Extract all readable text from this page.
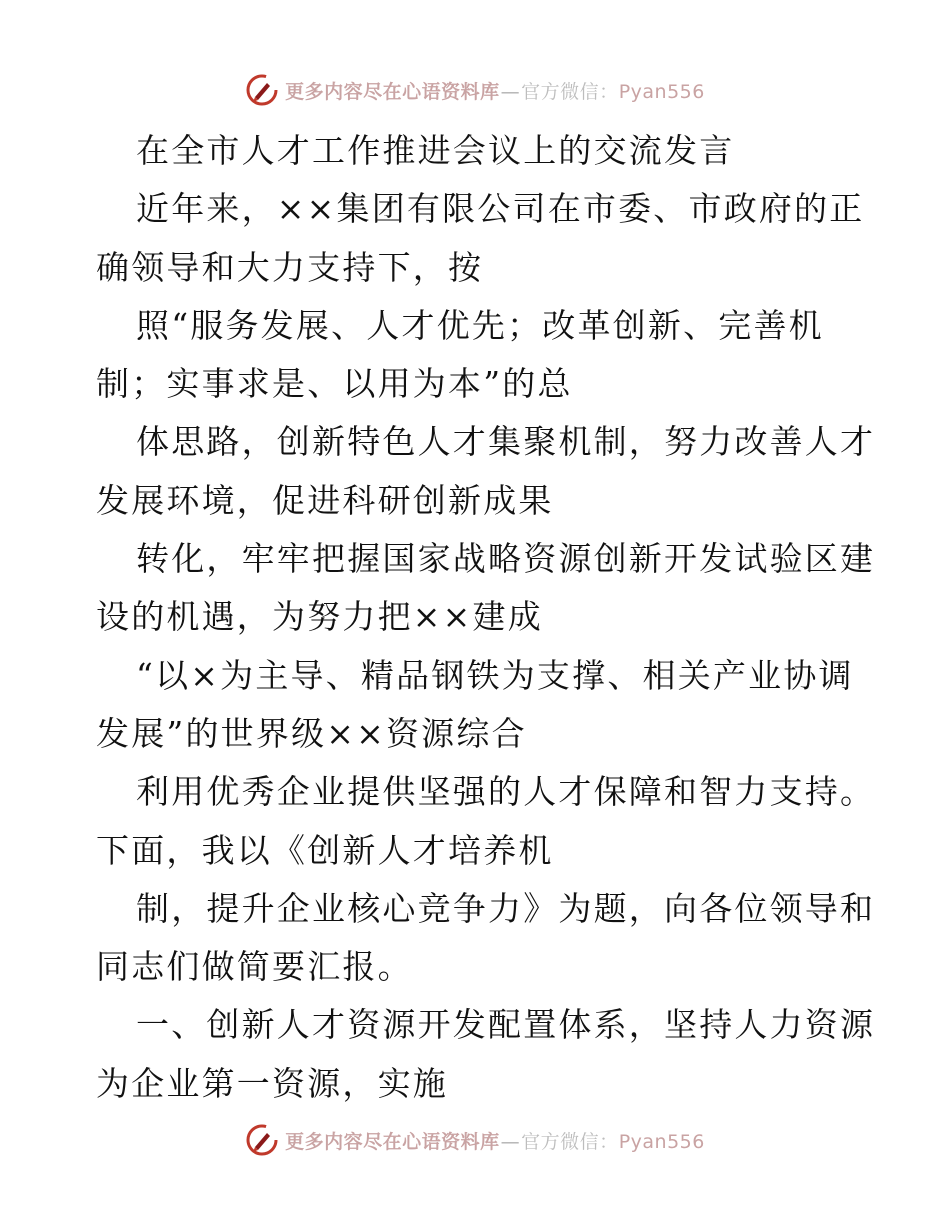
更多内容尽在心语资料库—官方微信：Pyan556
在全市人才工作推进会议上的交流发言
近年来，××集团有限公司在市委、市政府的正
确领导和大力支持下，按
照“服务发展、人才优先；改革创新、完善机
制；实事求是、以用为本”的总
体思路，创新特色人才集聚机制，努力改善人才
发展环境，促进科研创新成果
转化，牢牢把握国家战略资源创新开发试验区建
设的机遇，为努力把××建成
“以×为主导、精品钢铁为支撑、相关产业协调
发展”的世界级××资源综合
利用优秀企业提供坚强的人才保障和智力支持。
下面，我以《创新人才培养机
制，提升企业核心竞争力》为题，向各位领导和
同志们做简要汇报。
一、创新人才资源开发配置体系，坚持人力资源
为企业第一资源，实施
更多内容尽在心语资料库—官方微信：Pyan556
